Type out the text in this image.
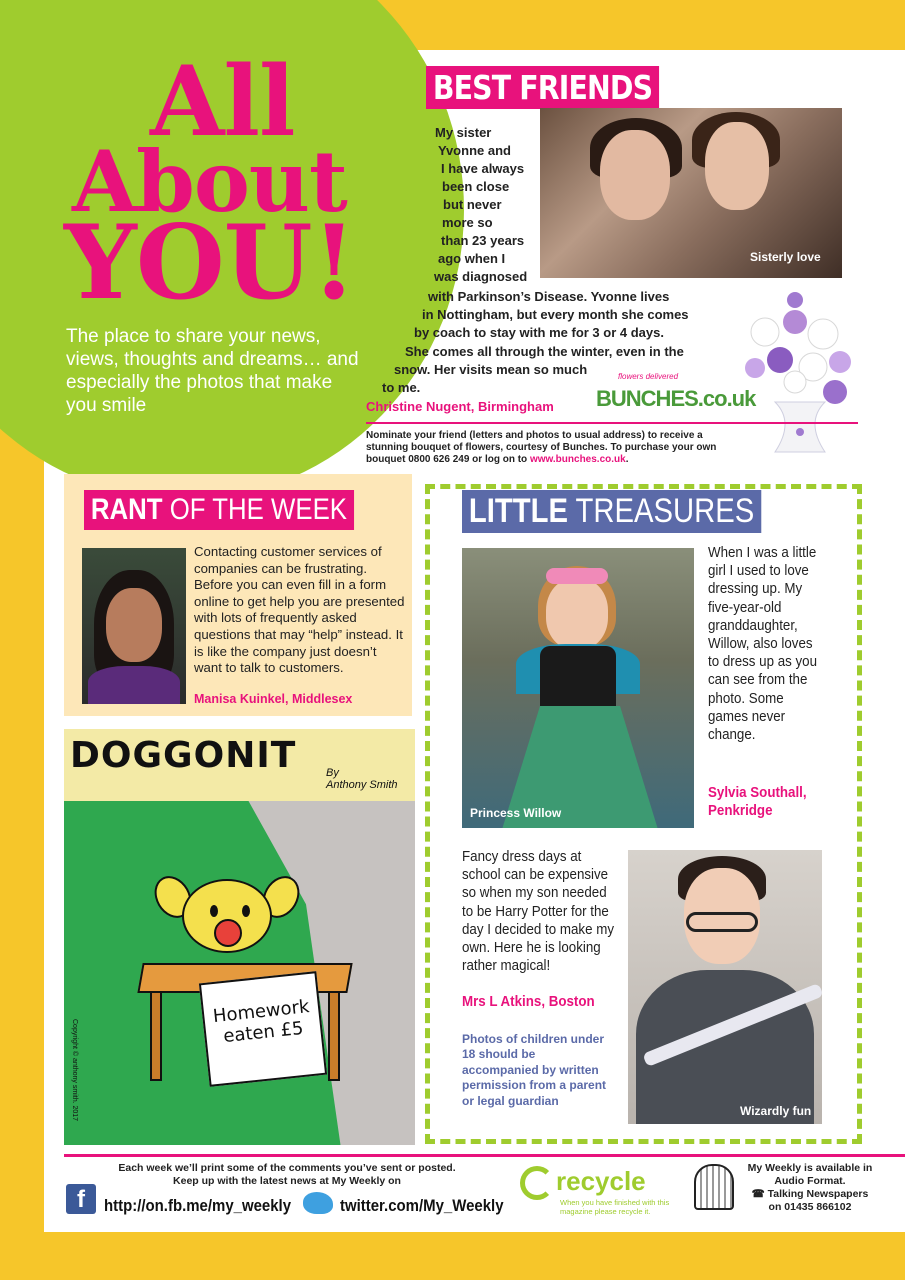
All
About
YOU!
The place to share your news, views, thoughts and dreams… and especially the photos that make you smile
BEST FRIENDS
Sisterly love
My sister
Yvonne and
I have always
been close
but never
more so
than 23 years
ago when I
was diagnosed
with Parkinson’s Disease. Yvonne lives
in Nottingham, but every month she comes
by coach to stay with me for 3 or 4 days.
She comes all through the winter, even in the
snow. Her visits mean so much
to me.
Christine Nugent, Birmingham
flowers delivered
BUNCHES.co.uk
Nominate your friend (letters and photos to usual address) to receive a stunning bouquet of flowers, courtesy of Bunches. To purchase your own bouquet 0800 626 249 or log on to www.bunches.co.uk.
RANT OF THE WEEK
Contacting customer services of companies can be frustrating. Before you can even fill in a form online to get help you are presented with lots of frequently asked questions that may “help” instead. It is like the company just doesn’t want to talk to customers.
Manisa Kuinkel, Middlesex
DOGGONIT	By
Anthony Smith
Homework eaten £5
Copyright © anthony smith. 2017
LITTLE TREASURES
Princess Willow
When I was a little girl I used to love dressing up. My five-year-old granddaughter, Willow, also loves to dress up as you can see from the photo. Some games never change.
Sylvia Southall, Penkridge
Fancy dress days at school can be expensive so when my son needed to be Harry Potter for the day I decided to make my own. Here he is looking rather magical!
Mrs L Atkins, Boston
Photos of children under 18 should be accompanied by written permission from a parent or legal guardian
Wizardly fun
Each week we’ll print some of the comments you’ve sent or posted.
Keep up with the latest news at My Weekly on
f	http://on.fb.me/my_weekly	twitter.com/My_Weekly
recycle
When you have finished with this magazine please recycle it.
My Weekly is available in Audio Format.
☎ Talking Newspapers
on 01435 866102
